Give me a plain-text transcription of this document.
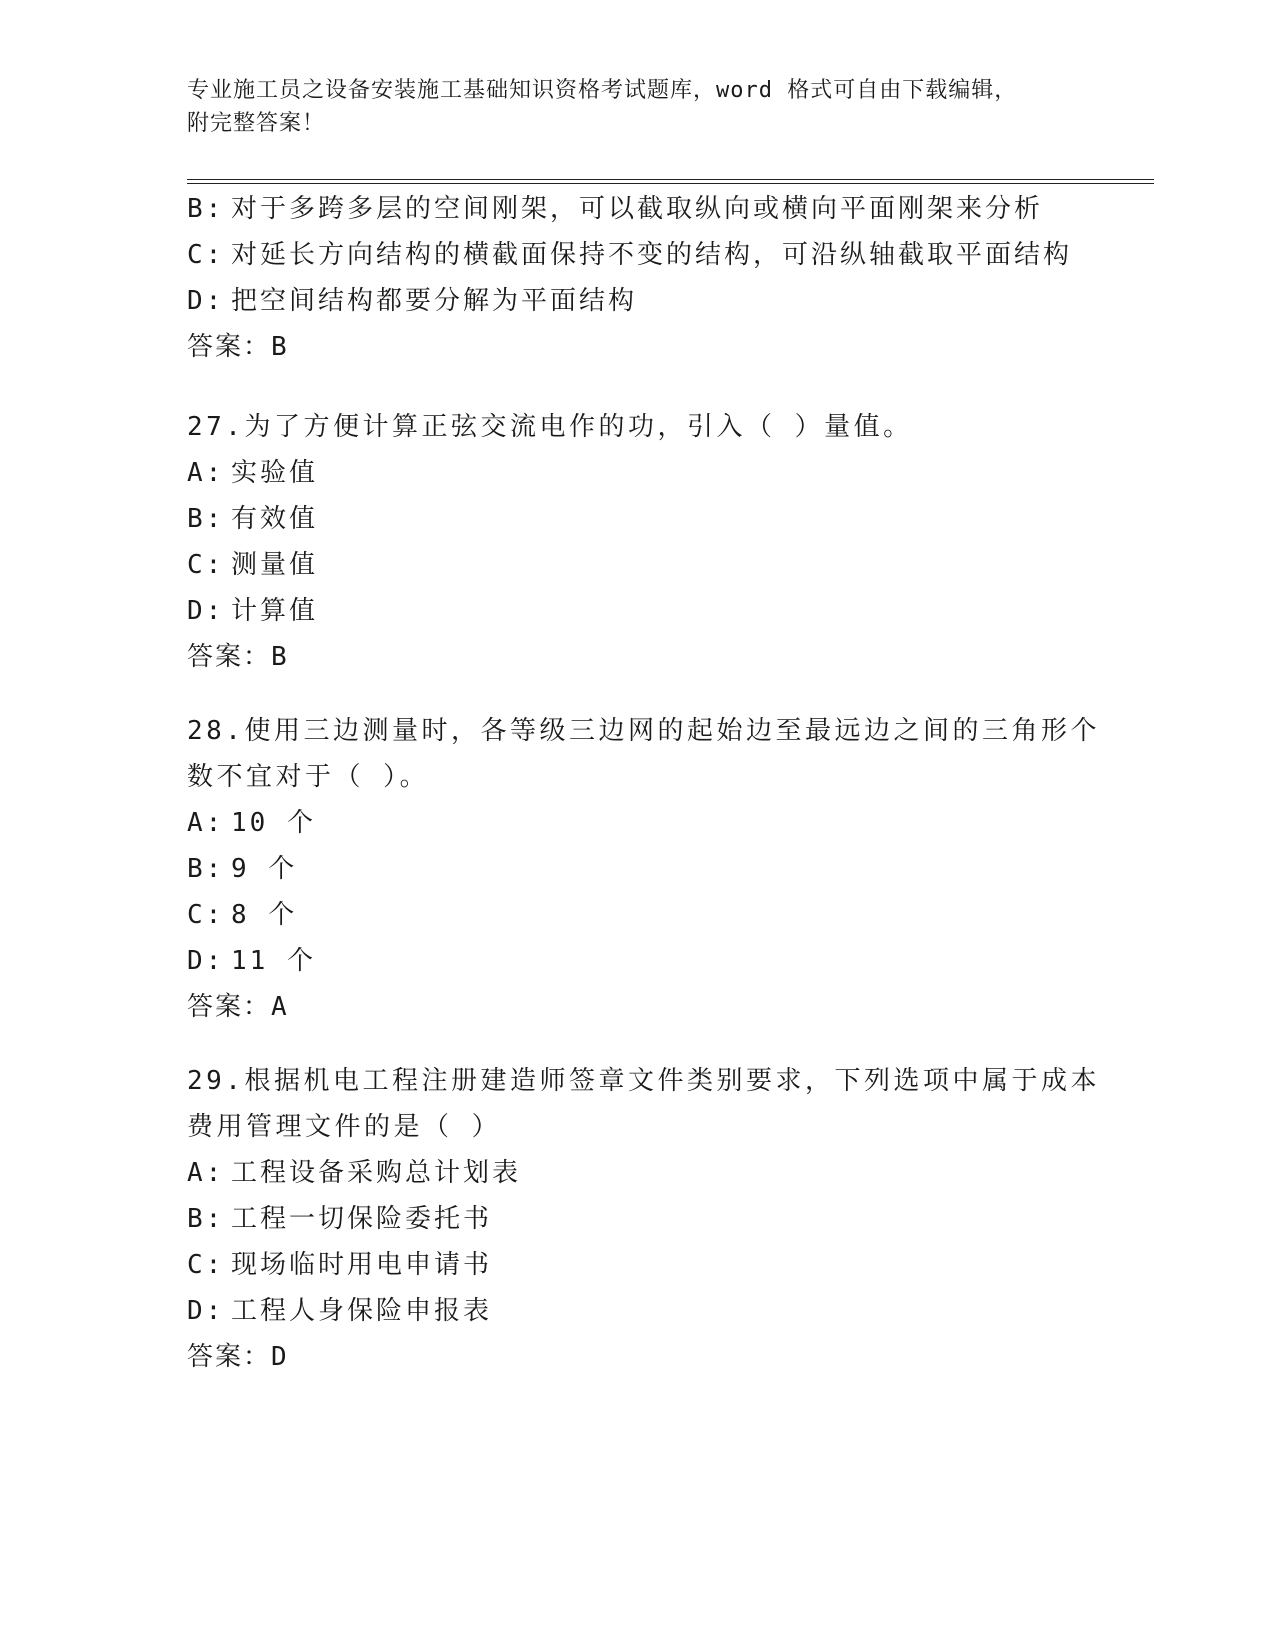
专业施工员之设备安装施工基础知识资格考试题库，word 格式可自由下载编辑，
附完整答案！
B: 对于多跨多层的空间刚架，可以截取纵向或横向平面刚架来分析
C: 对延长方向结构的横截面保持不变的结构，可沿纵轴截取平面结构
D: 把空间结构都要分解为平面结构
答案：B
27.为了方便计算正弦交流电作的功，引入（ ）量值。
A: 实验值
B: 有效值
C: 测量值
D: 计算值
答案：B
28.使用三边测量时，各等级三边网的起始边至最远边之间的三角形个
数不宜对于（ ）。
A: 10 个
B: 9 个
C: 8 个
D: 11 个
答案：A
29.根据机电工程注册建造师签章文件类别要求，下列选项中属于成本
费用管理文件的是（ ）
A: 工程设备采购总计划表
B: 工程一切保险委托书
C: 现场临时用电申请书
D: 工程人身保险申报表
答案：D
